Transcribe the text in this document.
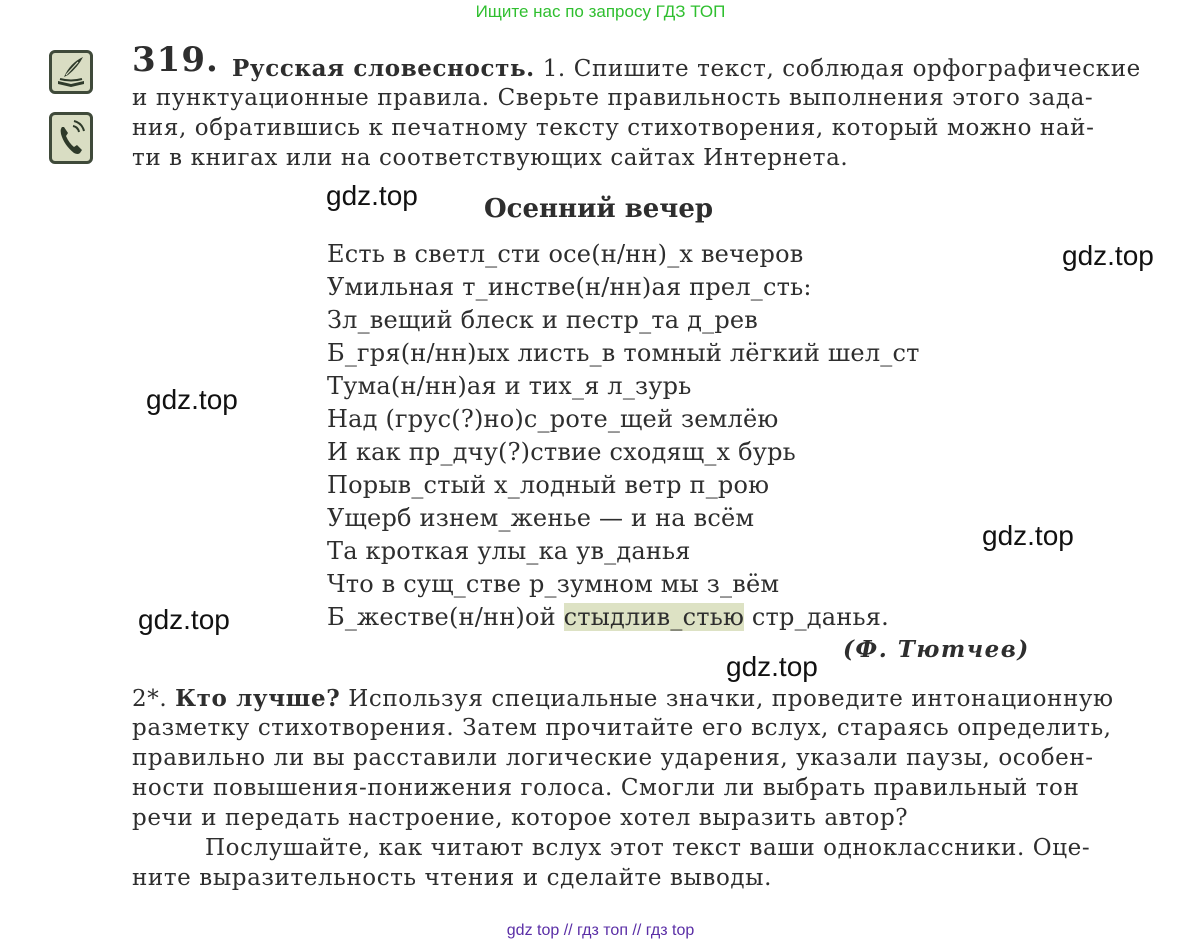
Ищите нас по запросу ГДЗ ТОП
319. Русская словесность. 1. Спишите текст, соблюдая орфографические
и пунктуационные правила. Сверьте правильность выполнения этого зада-
ния, обратившись к печатному тексту стихотворения, который можно най-
ти в книгах или на соответствующих сайтах Интернета.
Осенний вечер
Есть в светл_сти осе(н/нн)_х вечеров
Умильная т_инстве(н/нн)ая прел_сть:
Зл_вещий блеск и пестр_та д_рев
Б_гря(н/нн)ых листь_в томный лёгкий шел_ст
Тума(н/нн)ая и тих_я л_зурь
Над (грус(?)но)с_роте_щей землёю
И как пр_дчу(?)ствие сходящ_х бурь
Порыв_стый х_лодный ветр п_рою
Ущерб изнем_женье — и на всём
Та кроткая улы_ка ув_данья
Что в сущ_стве р_зумном мы з_вём
Б_жестве(н/нн)ой стыдлив_стью стр_данья.
(Ф. Тютчев)
2*. Кто лучше? Используя специальные значки, проведите интонационную
разметку стихотворения. Затем прочитайте его вслух, стараясь определить,
правильно ли вы расставили логические ударения, указали паузы, особен-
ности повышения-понижения голоса. Смогли ли выбрать правильный тон
речи и передать настроение, которое хотел выразить автор?
Послушайте, как читают вслух этот текст ваши одноклассники. Оце-
ните выразительность чтения и сделайте выводы.
gdz.top
gdz.top
gdz.top
gdz.top
gdz.top
gdz.top
gdz top // гдз топ // гдз top
